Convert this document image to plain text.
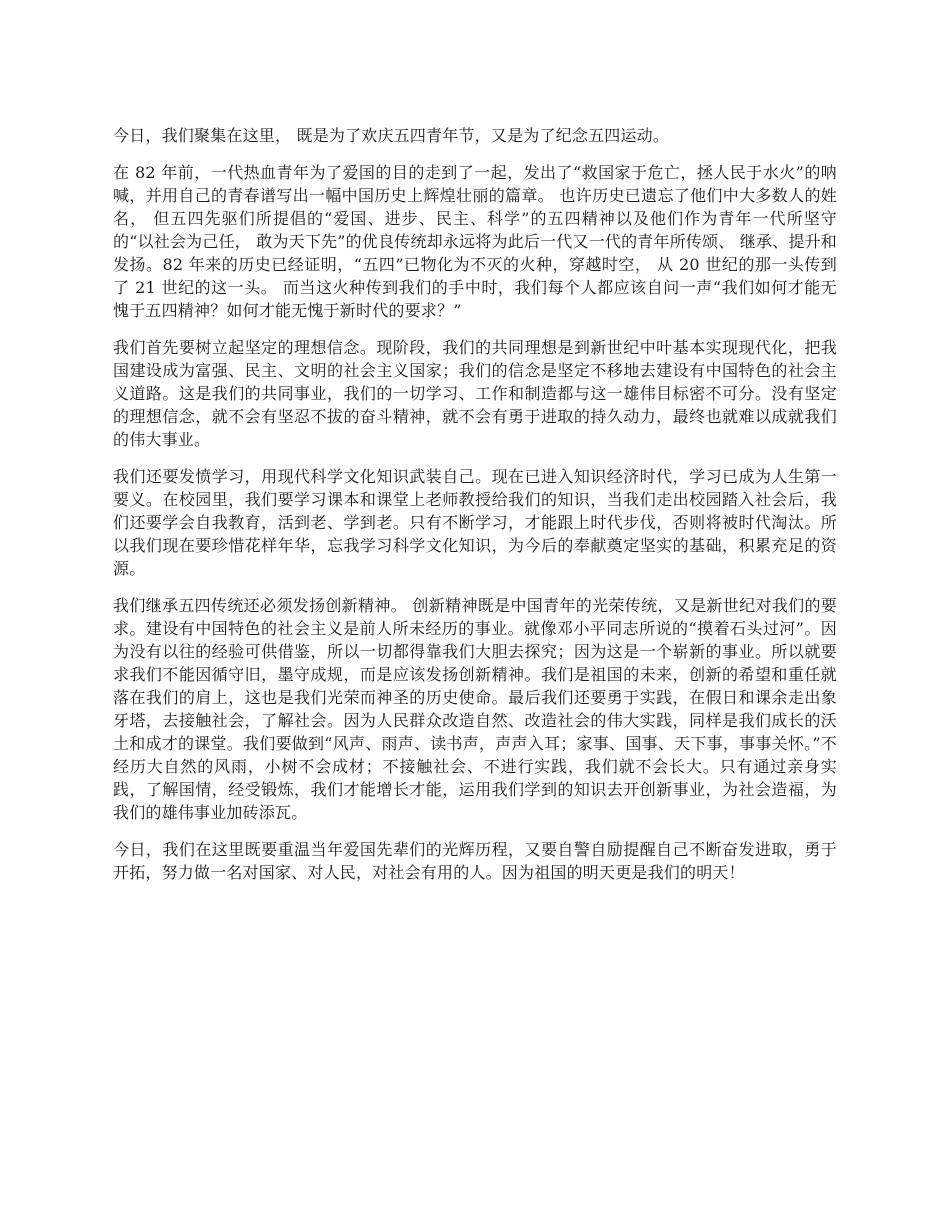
今日，我们聚集在这里， 既是为了欢庆五四青年节，又是为了纪念五四运动。

在 82 年前，一代热血青年为了爱国的目的走到了一起，发出了“救国家于危亡，拯人民于水火”的呐喊，并用自己的青春谱写出一幅中国历史上辉煌壮丽的篇章。 也许历史已遗忘了他们中大多数人的姓名， 但五四先驱们所提倡的“爱国、进步、民主、科学”的五四精神以及他们作为青年一代所坚守的“以社会为己任， 敢为天下先”的优良传统却永远将为此后一代又一代的青年所传颂、 继承、提升和发扬。82 年来的历史已经证明，“五四”已物化为不灭的火种，穿越时空， 从 20 世纪的那一头传到了 21 世纪的这一头。 而当这火种传到我们的手中时，我们每个人都应该自问一声“我们如何才能无愧于五四精神？如何才能无愧于新时代的要求？”

我们首先要树立起坚定的理想信念。现阶段，我们的共同理想是到新世纪中叶基本实现现代化，把我国建设成为富强、民主、文明的社会主义国家；我们的信念是坚定不移地去建设有中国特色的社会主义道路。这是我们的共同事业，我们的一切学习、工作和制造都与这一雄伟目标密不可分。没有坚定的理想信念，就不会有坚忍不拔的奋斗精神，就不会有勇于进取的持久动力，最终也就难以成就我们的伟大事业。

我们还要发愤学习，用现代科学文化知识武装自己。现在已进入知识经济时代，学习已成为人生第一要义。在校园里，我们要学习课本和课堂上老师教授给我们的知识，当我们走出校园踏入社会后，我们还要学会自我教育，活到老、学到老。只有不断学习，才能跟上时代步伐，否则将被时代淘汰。所以我们现在要珍惜花样年华，忘我学习科学文化知识，为今后的奉献奠定坚实的基础，积累充足的资源。

我们继承五四传统还必须发扬创新精神。 创新精神既是中国青年的光荣传统，又是新世纪对我们的要求。建设有中国特色的社会主义是前人所未经历的事业。就像邓小平同志所说的“摸着石头过河”。因为没有以往的经验可供借鉴，所以一切都得靠我们大胆去探究；因为这是一个崭新的事业。所以就要求我们不能因循守旧，墨守成规，而是应该发扬创新精神。我们是祖国的未来，创新的希望和重任就落在我们的肩上，这也是我们光荣而神圣的历史使命。最后我们还要勇于实践，在假日和课余走出象牙塔，去接触社会，了解社会。因为人民群众改造自然、改造社会的伟大实践，同样是我们成长的沃土和成才的课堂。我们要做到“风声、雨声、读书声，声声入耳；家事、国事、天下事，事事关怀。”不经历大自然的风雨，小树不会成材；不接触社会、不进行实践，我们就不会长大。只有通过亲身实践，了解国情，经受锻炼，我们才能增长才能，运用我们学到的知识去开创新事业，为社会造福，为我们的雄伟事业加砖添瓦。

今日，我们在这里既要重温当年爱国先辈们的光辉历程，又要自警自励提醒自己不断奋发进取，勇于开拓，努力做一名对国家、对人民，对社会有用的人。因为祖国的明天更是我们的明天！
